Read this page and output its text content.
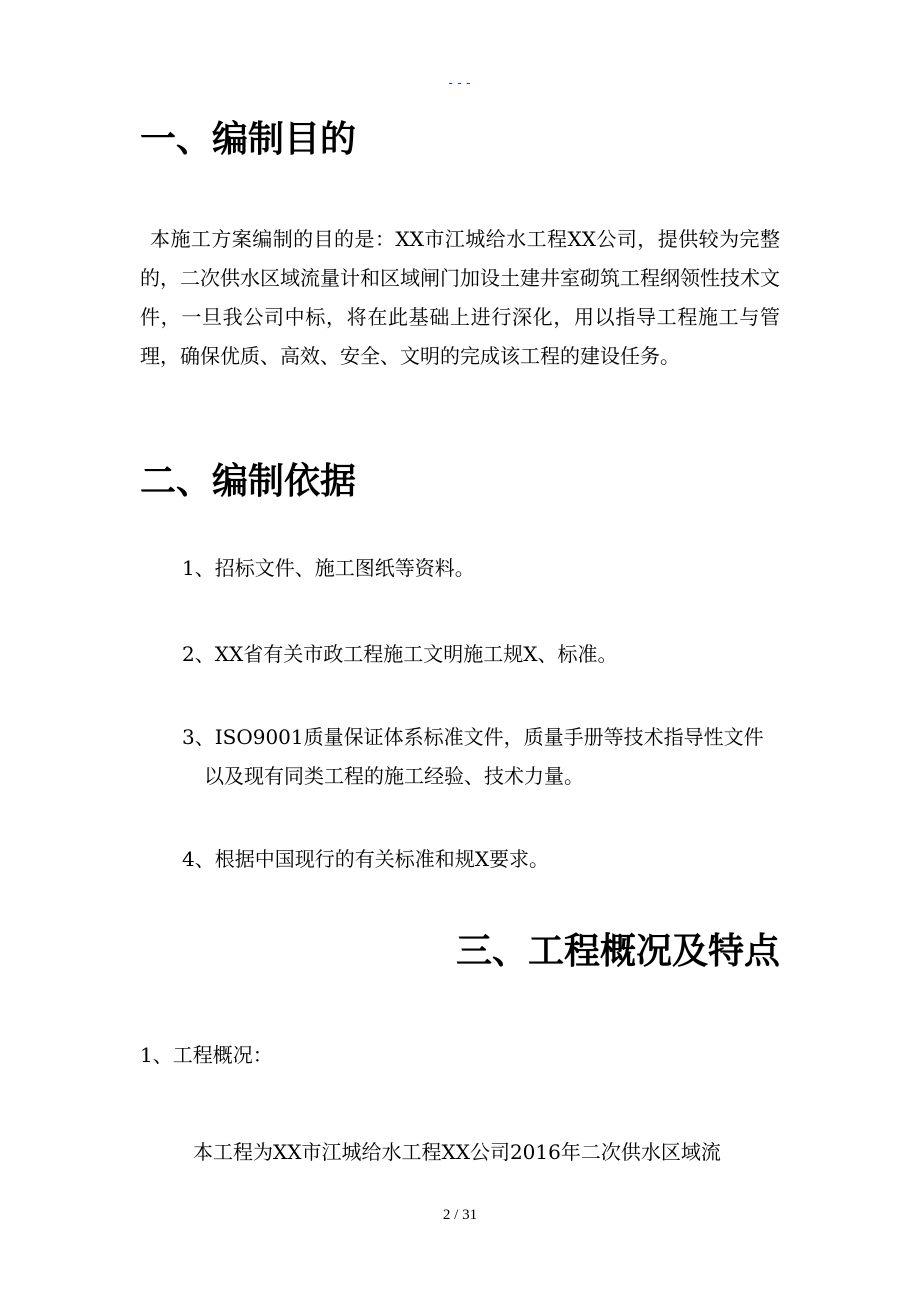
---
一、编制目的

本施工方案编制的目的是：XX市江城给水工程XX公司，提供较为完整的，二次供水区域流量计和区域闸门加设土建井室砌筑工程纲领性技术文件，一旦我公司中标，将在此基础上进行深化，用以指导工程施工与管理，确保优质、高效、安全、文明的完成该工程的建设任务。

二、编制依据

1、招标文件、施工图纸等资料。

2、XX省有关市政工程施工文明施工规X、标准。

3、ISO9001质量保证体系标准文件，质量手册等技术指导性文件以及现有同类工程的施工经验、技术力量。

4、根据中国现行的有关标准和规X要求。

三、工程概况及特点

1、工程概况：

本工程为XX市江城给水工程XX公司2016年二次供水区域流

2 / 31
